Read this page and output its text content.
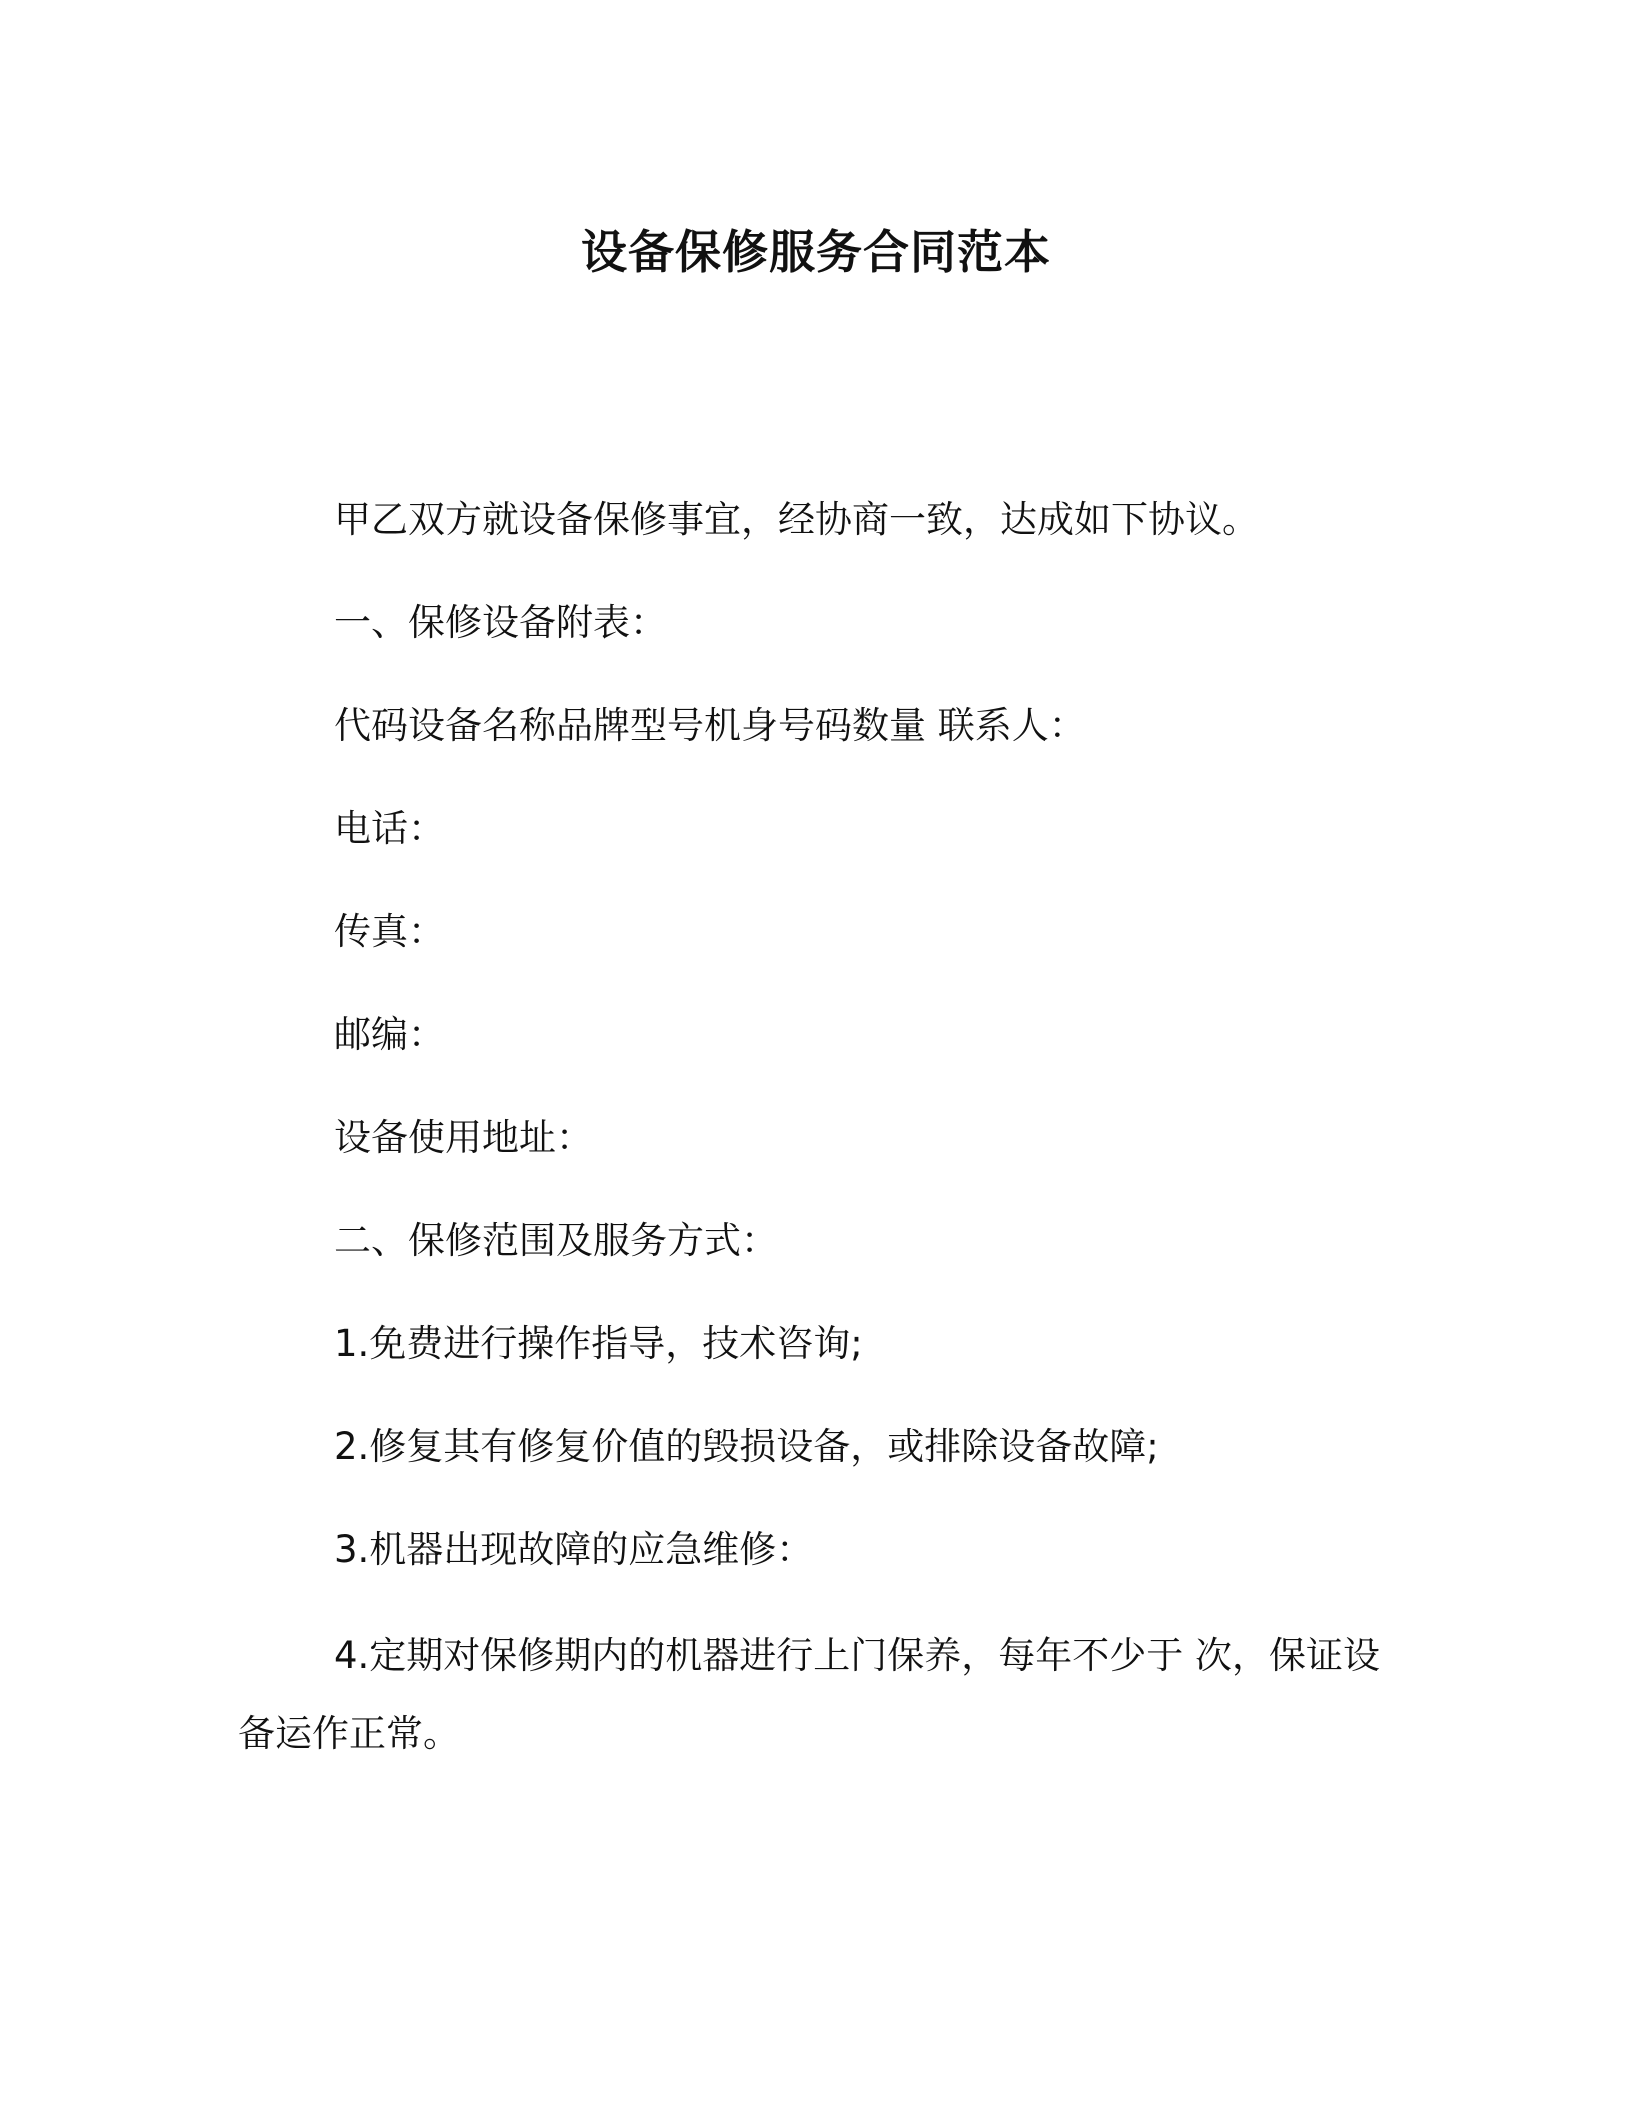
设备保修服务合同范本

甲乙双方就设备保修事宜，经协商一致，达成如下协议。

一、保修设备附表：

代码设备名称品牌型号机身号码数量 联系人：

电话：

传真：

邮编：

设备使用地址：

二、保修范围及服务方式：

1.免费进行操作指导，技术咨询;

2.修复其有修复价值的毁损设备，或排除设备故障;

3.机器出现故障的应急维修：

4.定期对保修期内的机器进行上门保养，每年不少于 次，保证设备运作正常。
